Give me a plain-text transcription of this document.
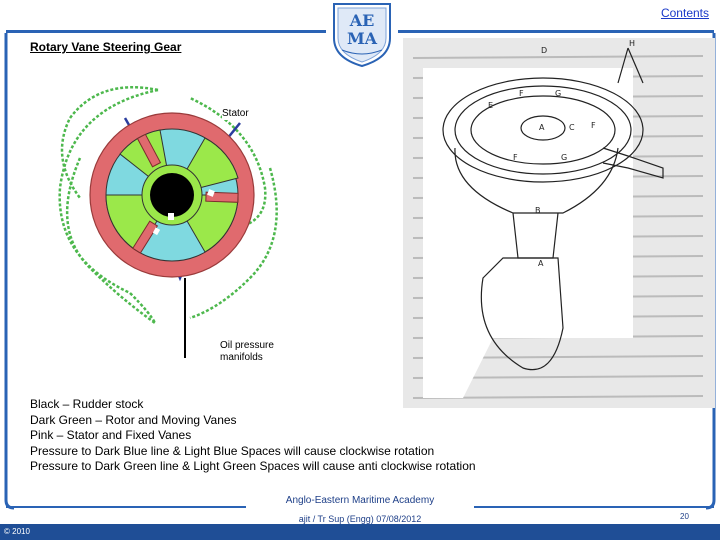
AE
MA
Contents
Rotary Vane Steering Gear
Stator
Oil pressure
manifolds
D
H
E
F	G
A	C F
F	G
B
A
Black – Rudder stock
Dark Green – Rotor and Moving Vanes
Pink – Stator and Fixed Vanes
Pressure to Dark Blue line & Light Blue Spaces will cause clockwise rotation
Pressure to Dark Green line & Light Green Spaces will cause anti clockwise rotation
Anglo-Eastern Maritime Academy
ajit / Tr Sup (Engg) 07/08/2012	20
© 2010
